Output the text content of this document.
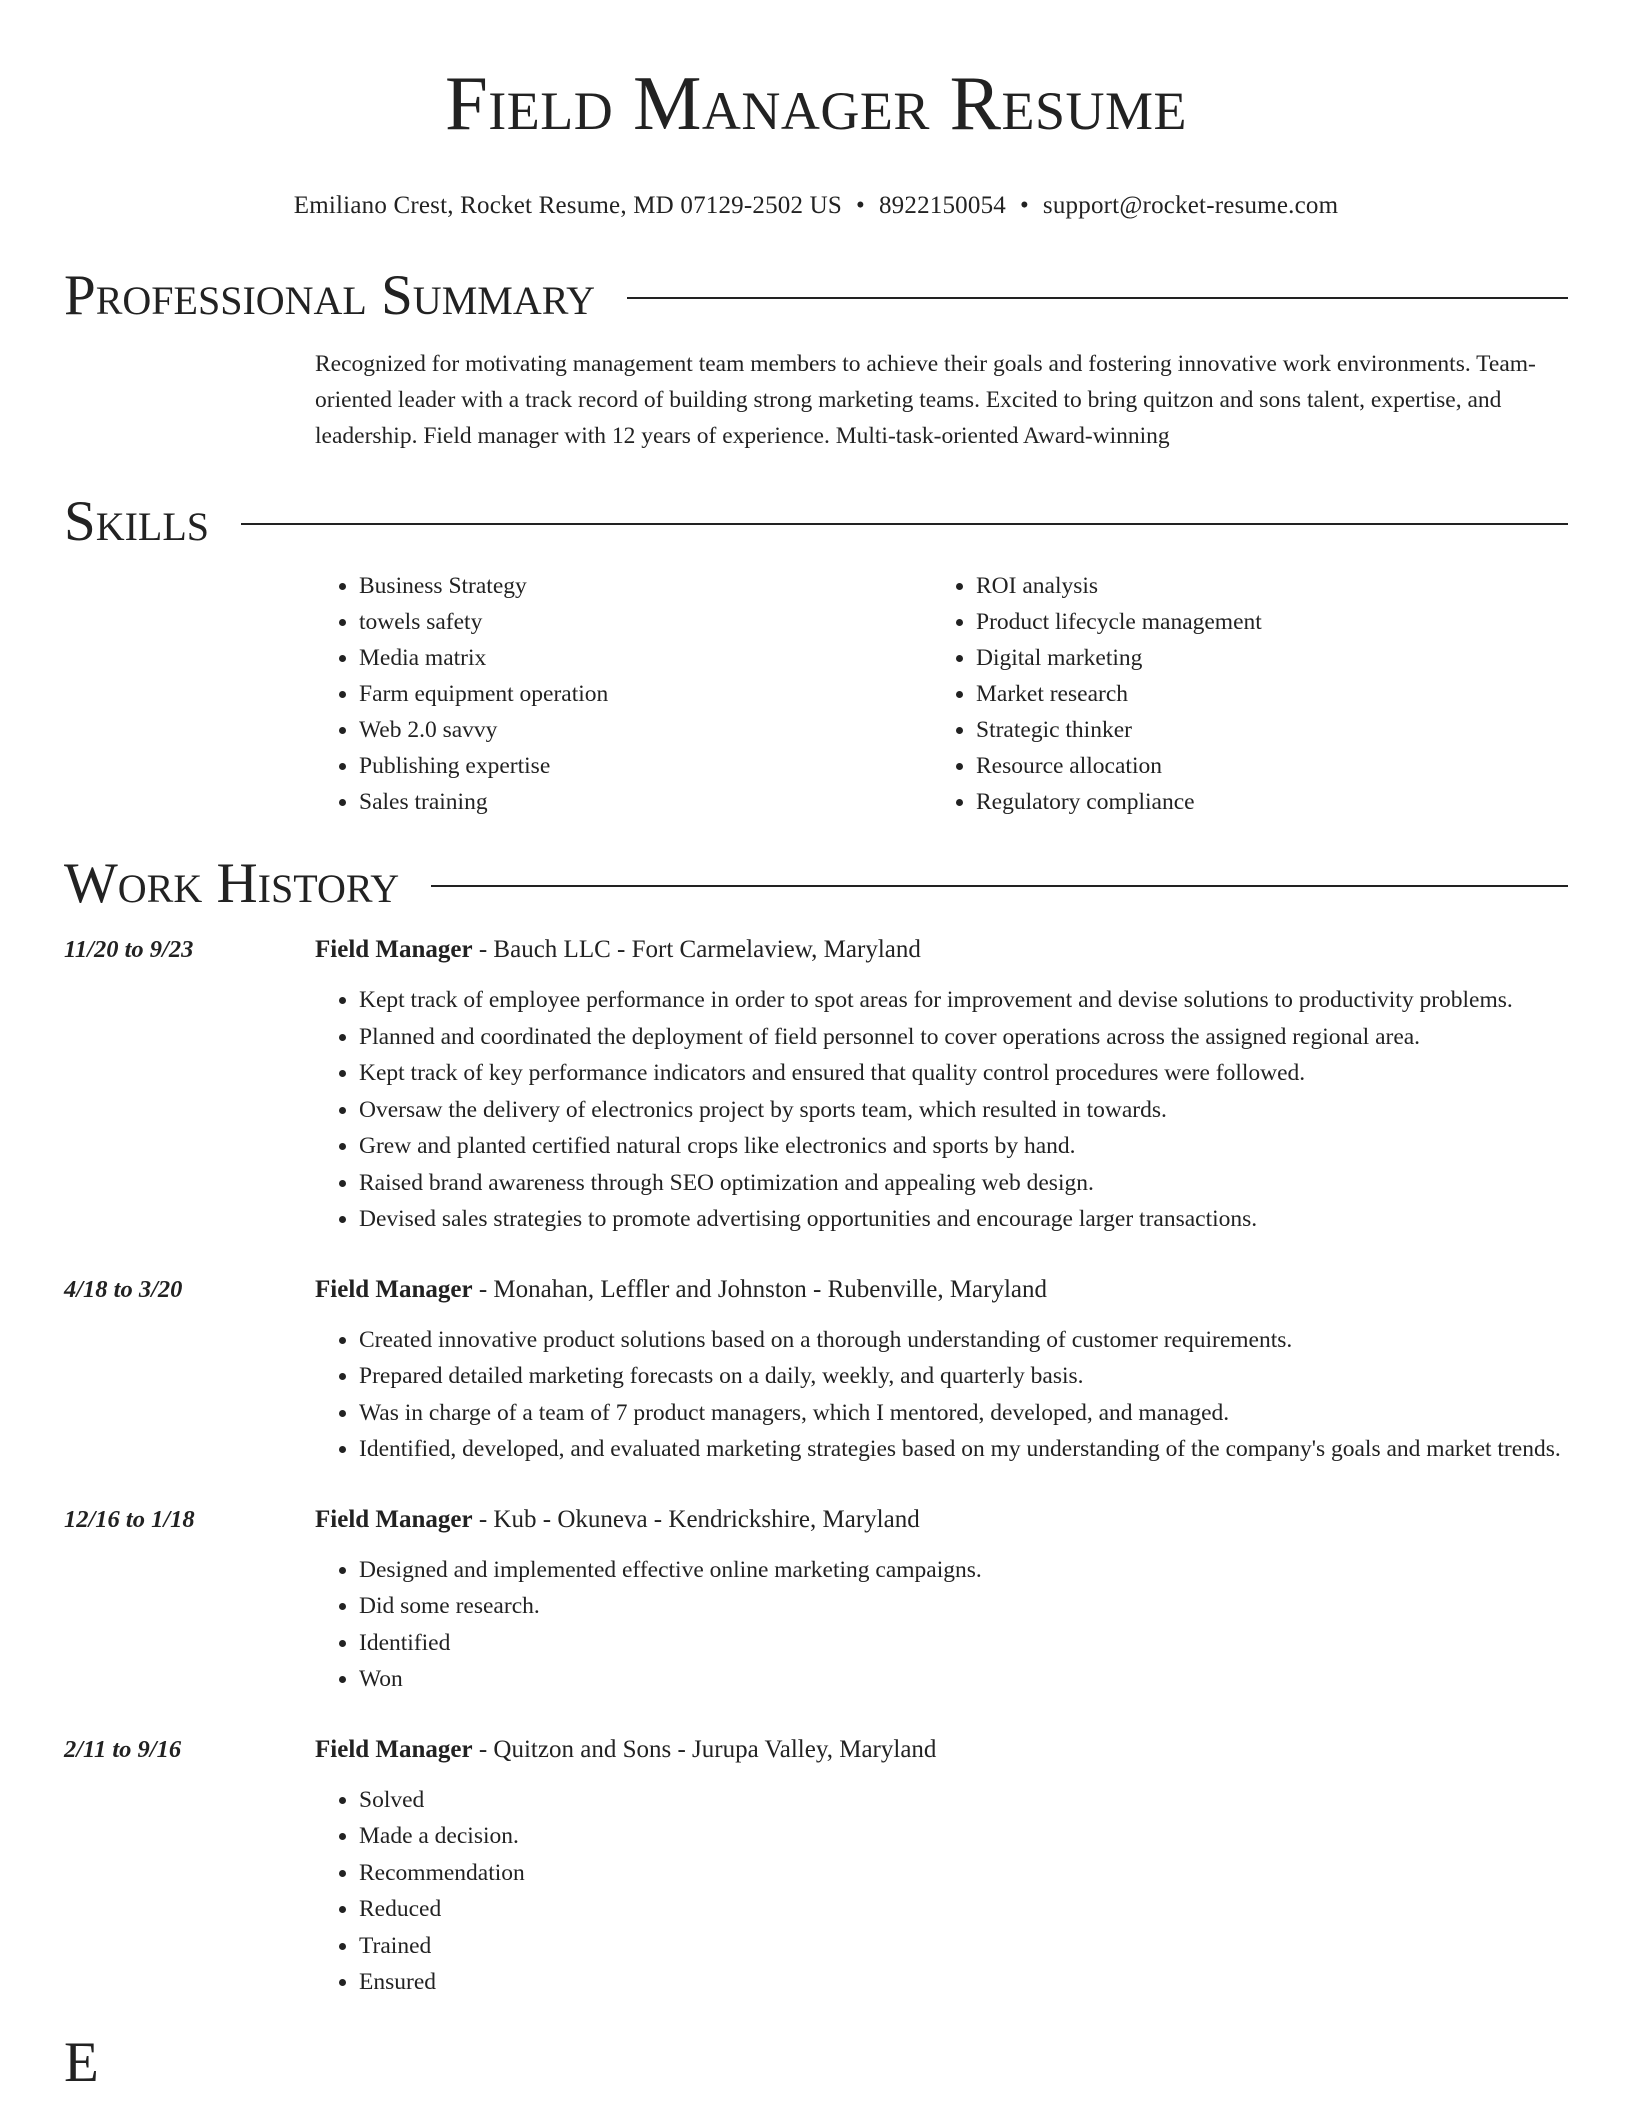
Field Manager Resume
Emiliano Crest, Rocket Resume, MD 07129-2502 US • 8922150054 • support@rocket-resume.com
Professional Summary
Recognized for motivating management team members to achieve their goals and fostering innovative work environments. Team-oriented leader with a track record of building strong marketing teams. Excited to bring quitzon and sons talent, expertise, and leadership. Field manager with 12 years of experience. Multi-task-oriented Award-winning
Skills
• Business Strategy
• towels safety
• Media matrix
• Farm equipment operation
• Web 2.0 savvy
• Publishing expertise
• Sales training
• ROI analysis
• Product lifecycle management
• Digital marketing
• Market research
• Strategic thinker
• Resource allocation
• Regulatory compliance
Work History
11/20 to 9/23	Field Manager - Bauch LLC - Fort Carmelaview, Maryland
• Kept track of employee performance in order to spot areas for improvement and devise solutions to productivity problems.
• Planned and coordinated the deployment of field personnel to cover operations across the assigned regional area.
• Kept track of key performance indicators and ensured that quality control procedures were followed.
• Oversaw the delivery of electronics project by sports team, which resulted in towards.
• Grew and planted certified natural crops like electronics and sports by hand.
• Raised brand awareness through SEO optimization and appealing web design.
• Devised sales strategies to promote advertising opportunities and encourage larger transactions.
4/18 to 3/20	Field Manager - Monahan, Leffler and Johnston - Rubenville, Maryland
• Created innovative product solutions based on a thorough understanding of customer requirements.
• Prepared detailed marketing forecasts on a daily, weekly, and quarterly basis.
• Was in charge of a team of 7 product managers, which I mentored, developed, and managed.
• Identified, developed, and evaluated marketing strategies based on my understanding of the company's goals and market trends.
12/16 to 1/18	Field Manager - Kub - Okuneva - Kendrickshire, Maryland
• Designed and implemented effective online marketing campaigns.
• Did some research.
• Identified
• Won
2/11 to 9/16	Field Manager - Quitzon and Sons - Jurupa Valley, Maryland
• Solved
• Made a decision.
• Recommendation
• Reduced
• Trained
• Ensured
E
